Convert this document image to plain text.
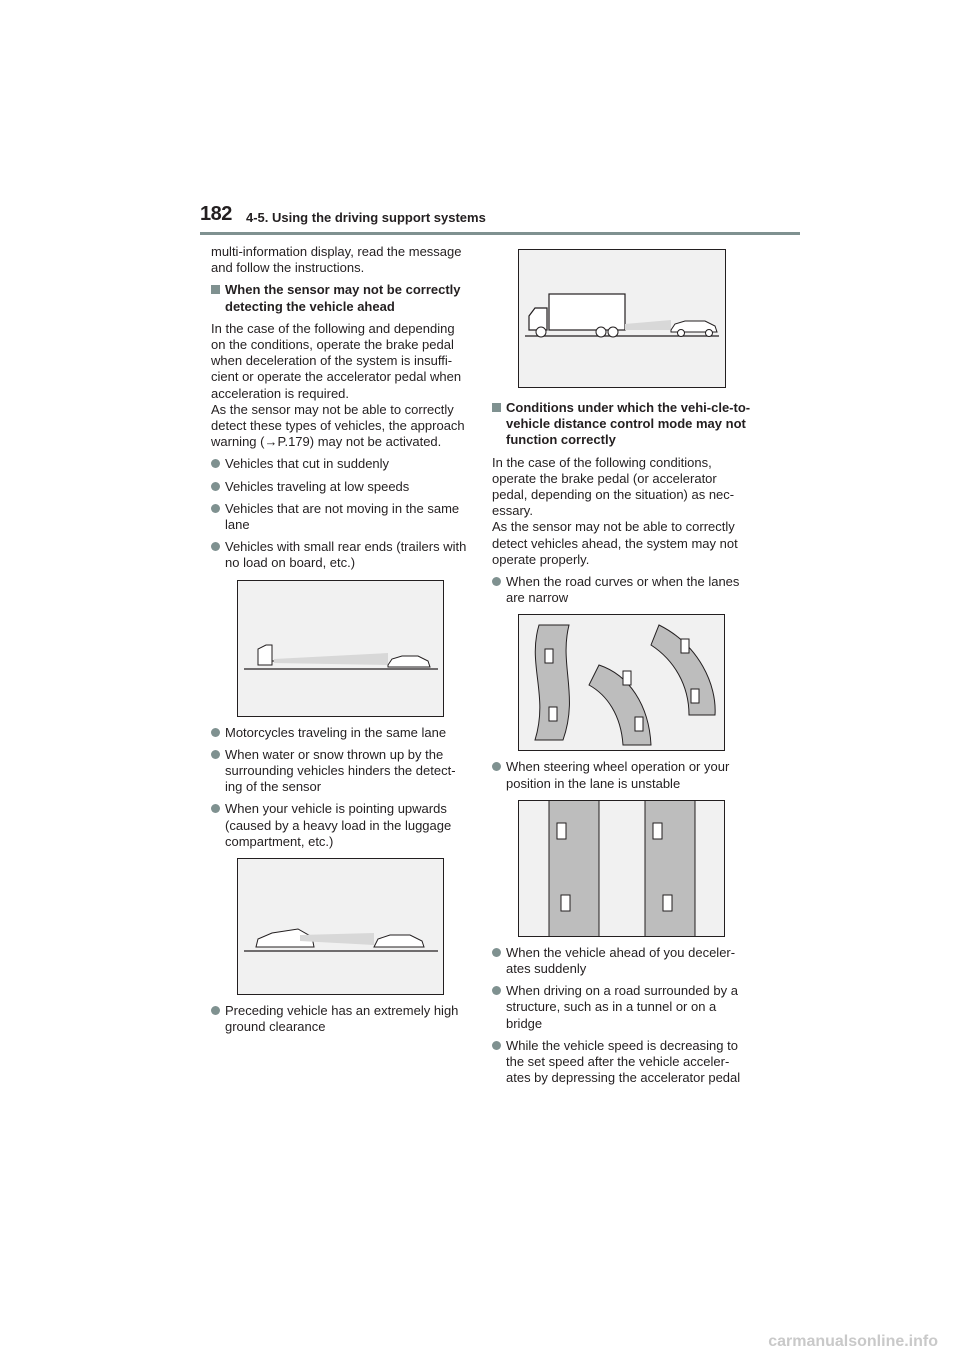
182 4-5. Using the driving support systems

multi-information display, read the message and follow the instructions.

When the sensor may not be correctly detecting the vehicle ahead

In the case of the following and depending on the conditions, operate the brake pedal when deceleration of the system is insuffi-cient or operate the accelerator pedal when acceleration is required.

As the sensor may not be able to correctly detect these types of vehicles, the approach warning (→P.179) may not be activated.

Vehicles that cut in suddenly
Vehicles traveling at low speeds
Vehicles that are not moving in the same lane
Vehicles with small rear ends (trailers with no load on board, etc.)
Motorcycles traveling in the same lane
When water or snow thrown up by the surrounding vehicles hinders the detect-ing of the sensor
When your vehicle is pointing upwards (caused by a heavy load in the luggage compartment, etc.)
Preceding vehicle has an extremely high ground clearance
Conditions under which the vehi-cle-to-vehicle distance control mode may not function correctly

In the case of the following conditions, operate the brake pedal (or accelerator pedal, depending on the situation) as nec-essary.

As the sensor may not be able to correctly detect vehicles ahead, the system may not operate properly.

When the road curves or when the lanes are narrow
When steering wheel operation or your position in the lane is unstable
When the vehicle ahead of you deceler-ates suddenly
When driving on a road surrounded by a structure, such as in a tunnel or on a bridge
While the vehicle speed is decreasing to the set speed after the vehicle acceler-ates by depressing the accelerator pedal
carmanualsonline.info
